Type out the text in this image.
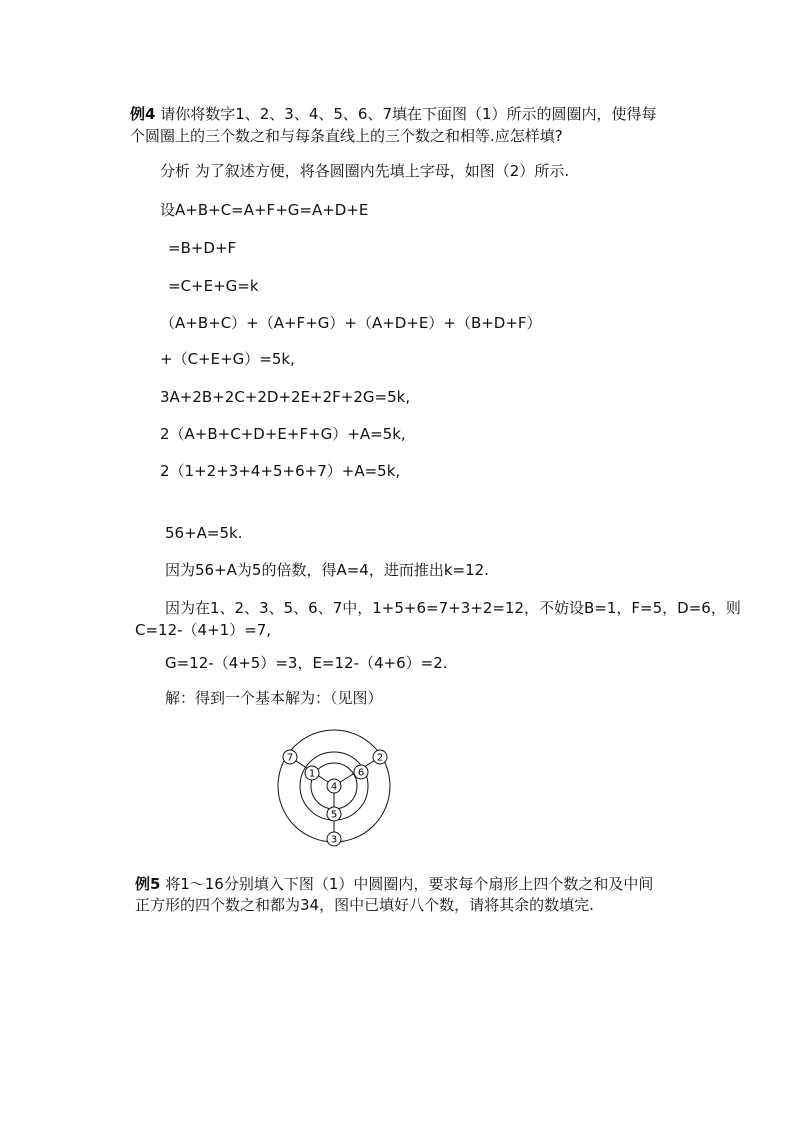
例4 请你将数字1、2、3、4、5、6、7填在下面图（1）所示的圆圈内，使得每
个圆圈上的三个数之和与每条直线上的三个数之和相等.应怎样填?
分析 为了叙述方便，将各圆圈内先填上字母，如图（2）所示.
设A+B+C=A+F+G=A+D+E
=B+D+F
=C+E+G=k
（A+B+C）+（A+F+G）+（A+D+E）+（B+D+F）
+（C+E+G）=5k,
3A+2B+2C+2D+2E+2F+2G=5k,
2（A+B+C+D+E+F+G）+A=5k,
2（1+2+3+4+5+6+7）+A=5k,
56+A=5k.
因为56+A为5的倍数，得A=4，进而推出k=12.
因为在1、2、3、5、6、7中，1+5+6=7+3+2=12，不妨设B=1，F=5，D=6，则
C=12-（4+1）=7,
G=12-（4+5）=3，E=12-（4+6）=2.
解：得到一个基本解为：（见图）
4
1	6
5
7	2
3
例5 将1～16分别填入下图（1）中圆圈内，要求每个扇形上四个数之和及中间
正方形的四个数之和都为34，图中已填好八个数，请将其余的数填完.
